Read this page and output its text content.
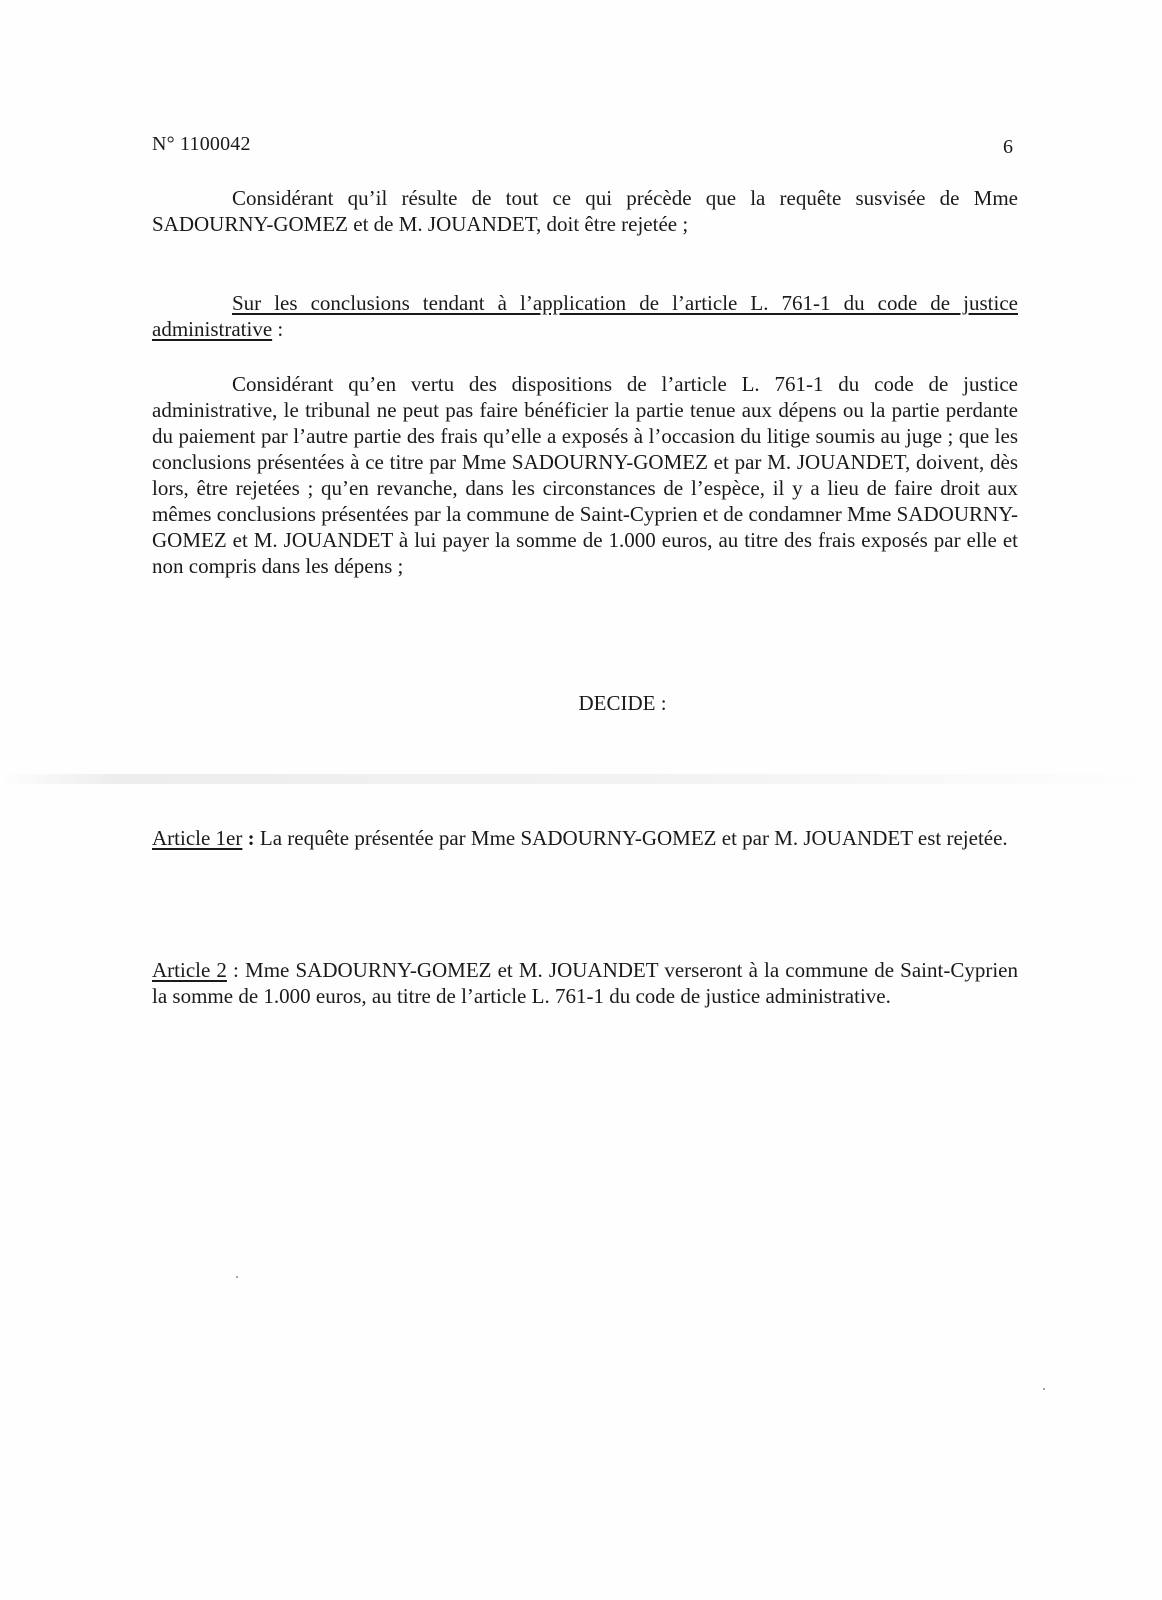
N° 1100042	6
Considérant qu’il résulte de tout ce qui précède que la requête susvisée de Mme SADOURNY-GOMEZ et de M. JOUANDET, doit être rejetée ;
Sur les conclusions tendant à l’application de l’article L. 761-1 du code de justice administrative :
Considérant qu’en vertu des dispositions de l’article L. 761-1 du code de justice administrative, le tribunal ne peut pas faire bénéficier la partie tenue aux dépens ou la partie perdante du paiement par l’autre partie des frais qu’elle a exposés à l’occasion du litige soumis au juge ; que les conclusions présentées à ce titre par Mme SADOURNY-GOMEZ et par M. JOUANDET, doivent, dès lors, être rejetées ; qu’en revanche, dans les circonstances de l’espèce, il y a lieu de faire droit aux mêmes conclusions présentées par la commune de Saint-Cyprien et de condamner Mme SADOURNY-GOMEZ et M. JOUANDET à lui payer la somme de 1.000 euros, au titre des frais exposés par elle et non compris dans les dépens ;
DECIDE :
Article 1er : La requête présentée par Mme SADOURNY-GOMEZ et par M. JOUANDET est rejetée.
Article 2 : Mme SADOURNY-GOMEZ et M. JOUANDET verseront à la commune de Saint-Cyprien la somme de 1.000 euros, au titre de l’article L. 761-1 du code de justice administrative.
